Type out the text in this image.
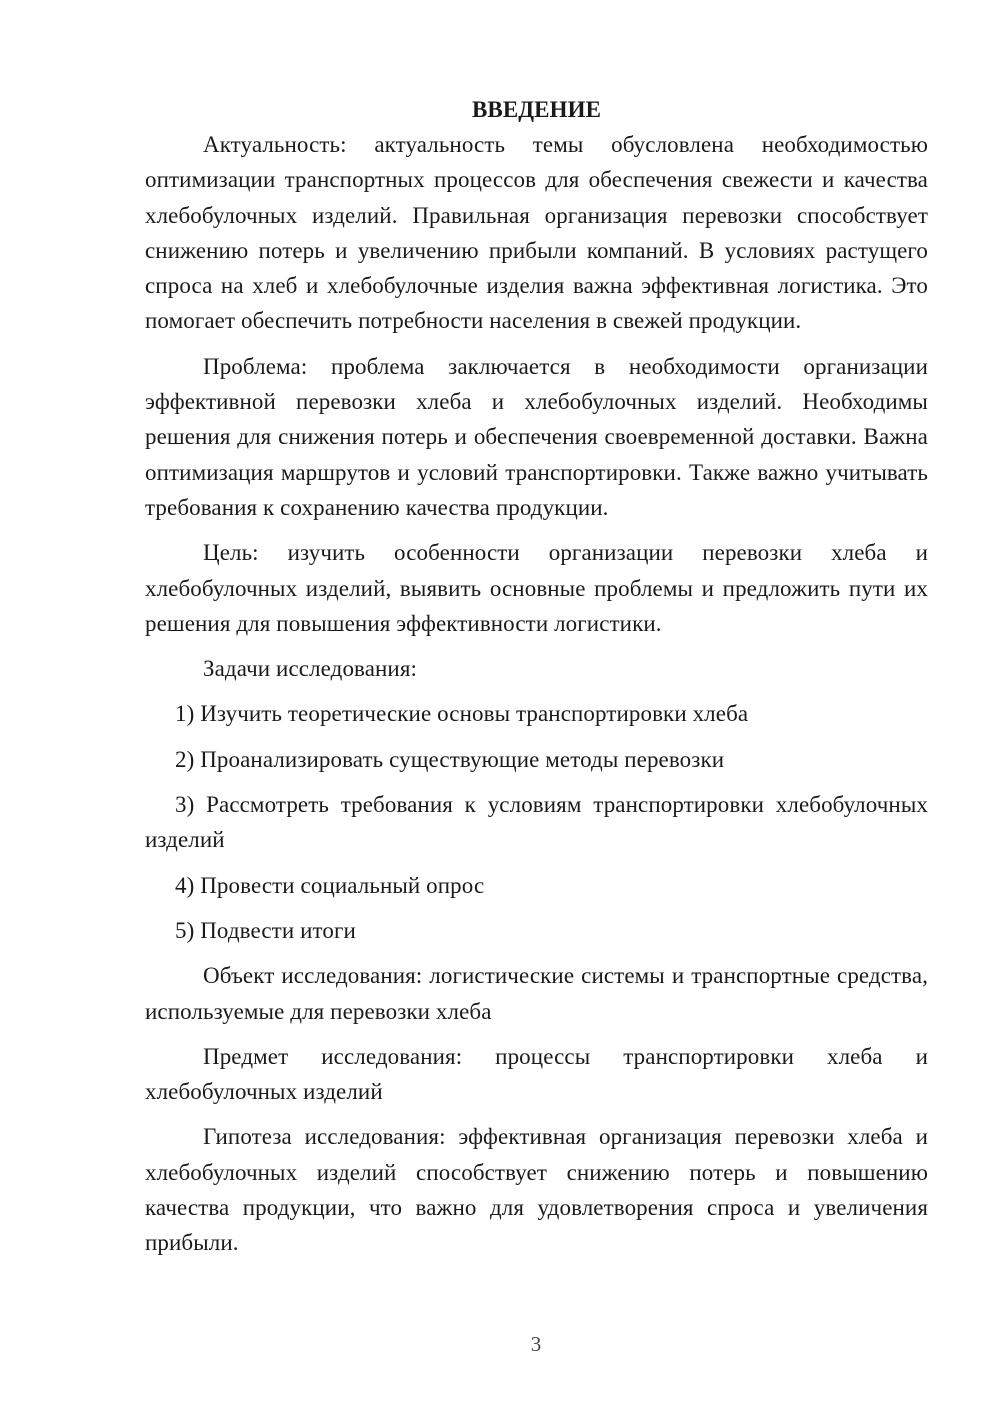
ВВЕДЕНИЕ

Актуальность: актуальность темы обусловлена необходимостью оптимизации транспортных процессов для обеспечения свежести и качества хлебобулочных изделий. Правильная организация перевозки способствует снижению потерь и увеличению прибыли компаний. В условиях растущего спроса на хлеб и хлебобулочные изделия важна эффективная логистика. Это помогает обеспечить потребности населения в свежей продукции.

Проблема: проблема заключается в необходимости организации эффективной перевозки хлеба и хлебобулочных изделий. Необходимы решения для снижения потерь и обеспечения своевременной доставки. Важна оптимизация маршрутов и условий транспортировки. Также важно учитывать требования к сохранению качества продукции.

Цель: изучить особенности организации перевозки хлеба и хлебобулочных изделий, выявить основные проблемы и предложить пути их решения для повышения эффективности логистики.

Задачи исследования:

1) Изучить теоретические основы транспортировки хлеба

2) Проанализировать существующие методы перевозки

3) Рассмотреть требования к условиям транспортировки хлебобулочных изделий

4) Провести социальный опрос

5) Подвести итоги

Объект исследования: логистические системы и транспортные средства, используемые для перевозки хлеба

Предмет исследования: процессы транспортировки хлеба и хлебобулочных изделий

Гипотеза исследования: эффективная организация перевозки хлеба и хлебобулочных изделий способствует снижению потерь и повышению качества продукции, что важно для удовлетворения спроса и увеличения прибыли.

3
